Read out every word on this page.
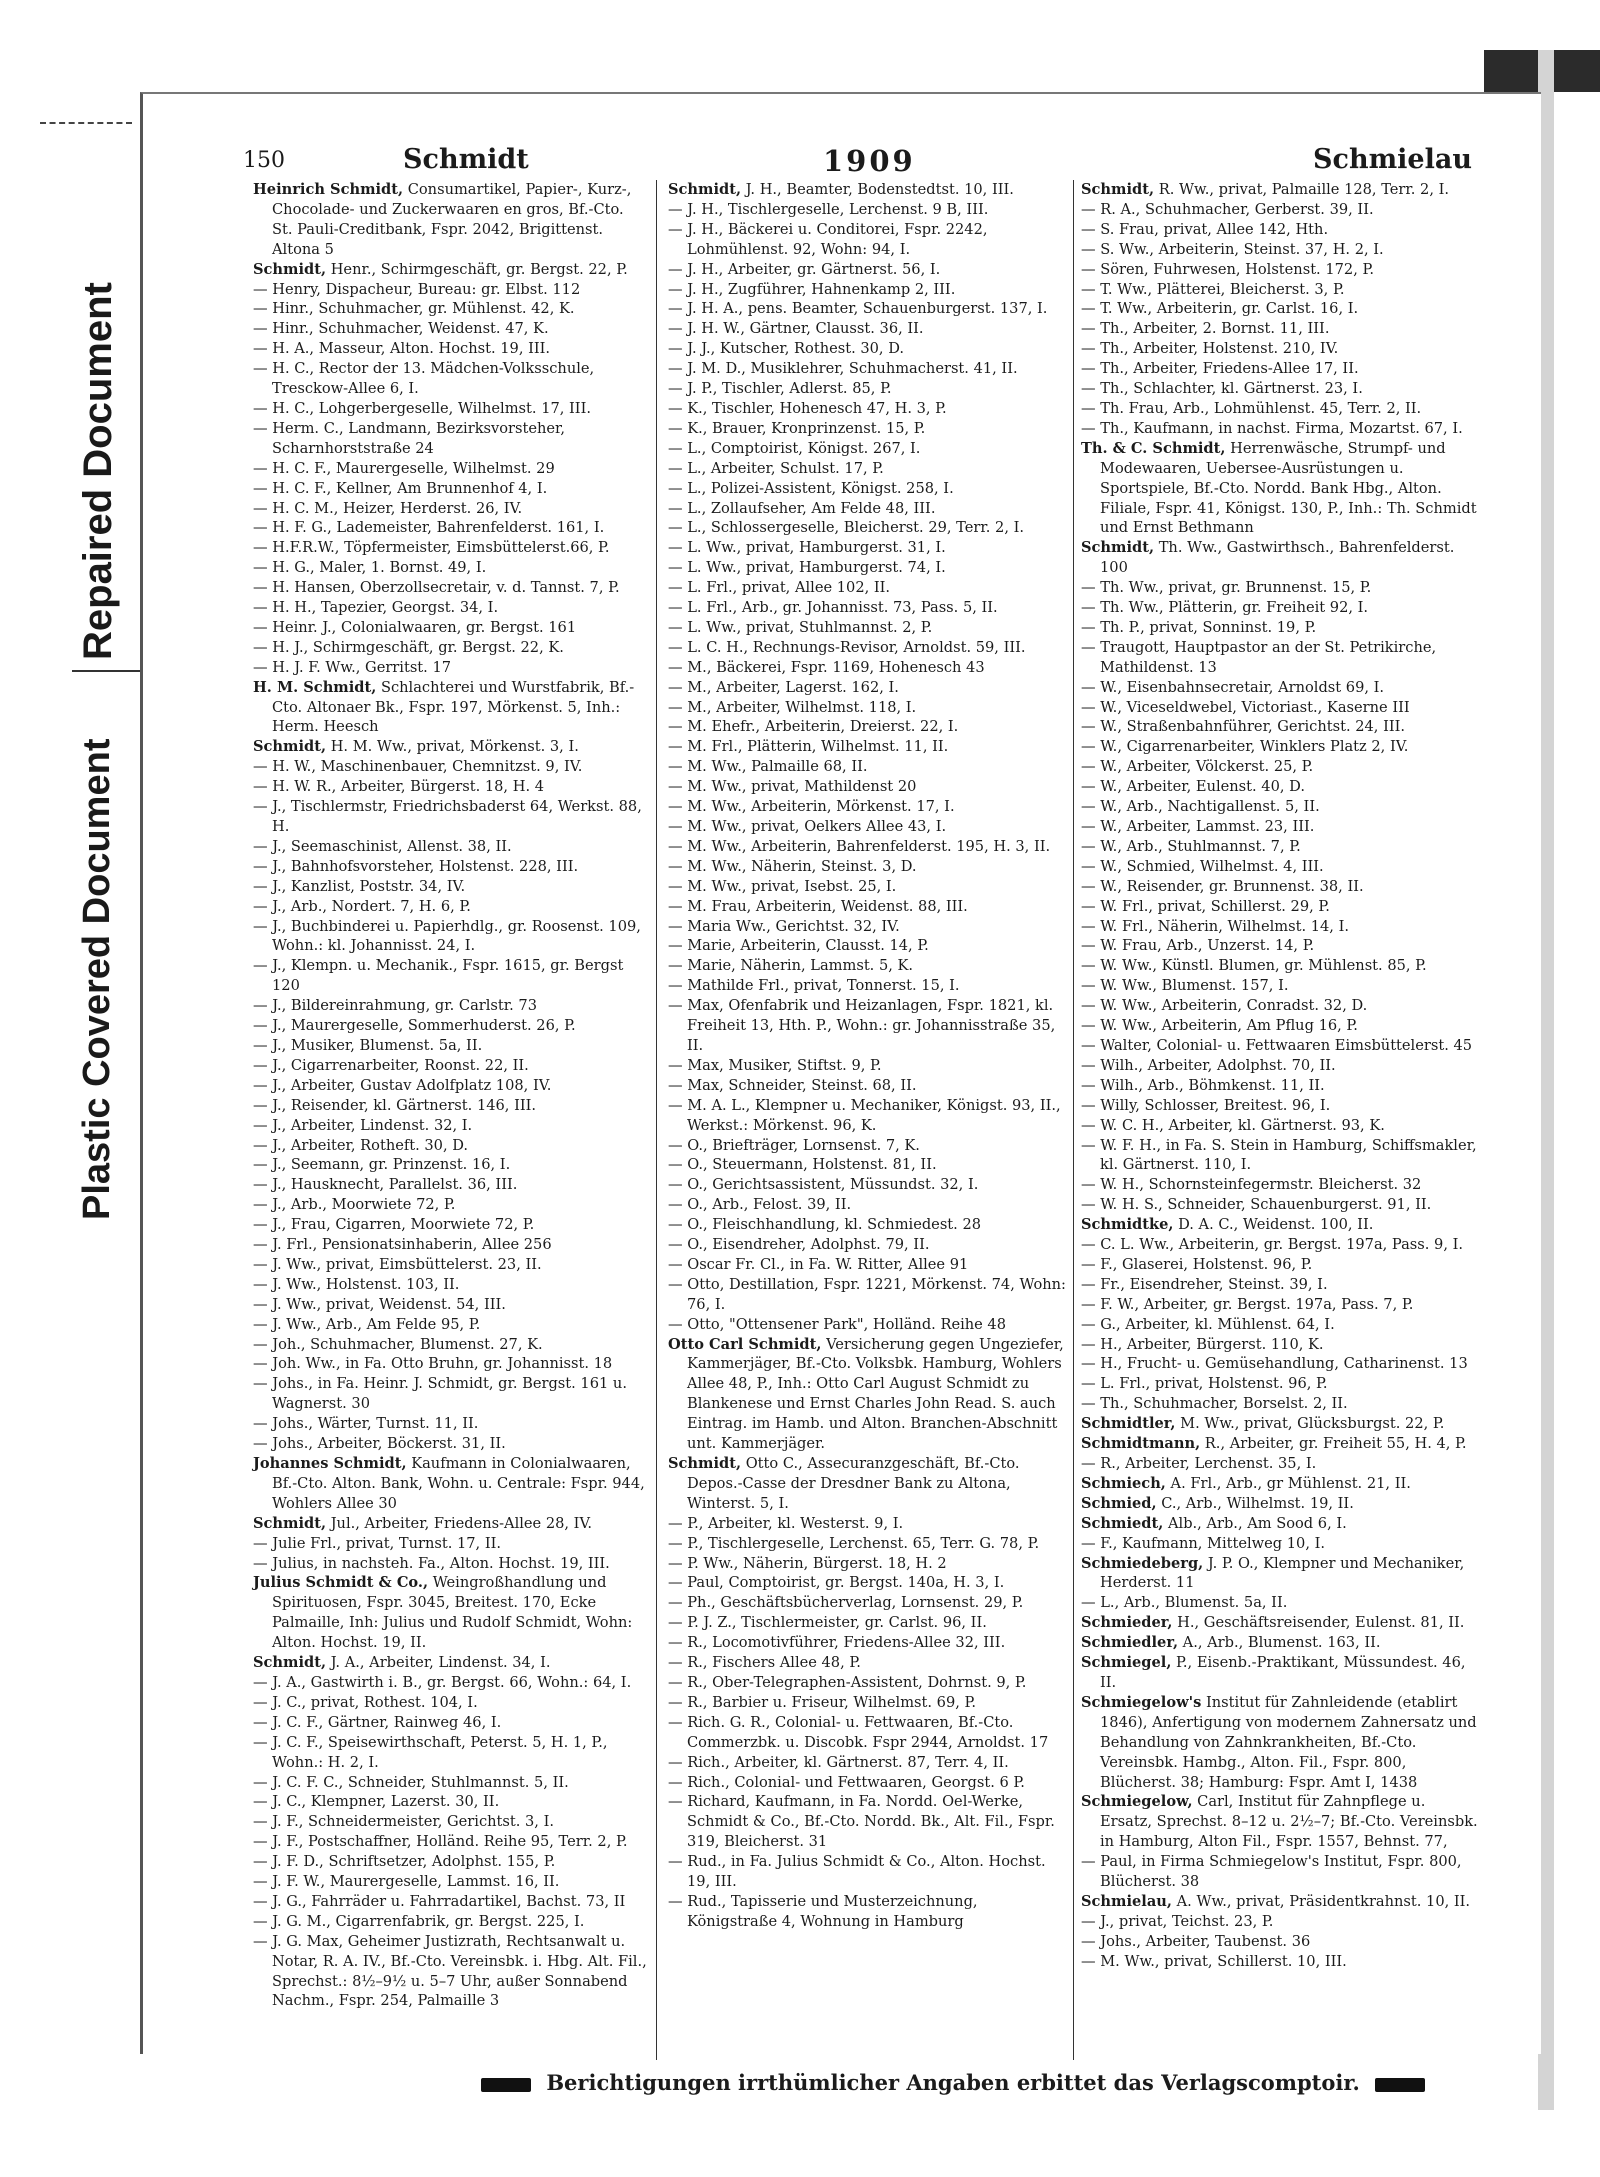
Repaired Document
Plastic Covered Document
150	Schmidt	1909	Schmielau
Heinrich Schmidt, Consumartikel, Papier-, Kurz-, Chocolade- und Zuckerwaaren en gros, Bf.-Cto. St. Pauli-Creditbank, Fspr. 2042, Brigittenst. Altona 5
Schmidt, Henr., Schirmgeschäft, gr. Bergst. 22, P.
— Henry, Dispacheur, Bureau: gr. Elbst. 112
— Hinr., Schuhmacher, gr. Mühlenst. 42, K.
— Hinr., Schuhmacher, Weidenst. 47, K.
— H. A., Masseur, Alton. Hochst. 19, III.
— H. C., Rector der 13. Mädchen-Volksschule, Tresckow-Allee 6, I.
— H. C., Lohgerbergeselle, Wilhelmst. 17, III.
— Herm. C., Landmann, Bezirksvorsteher, Scharnhorststraße 24
— H. C. F., Maurergeselle, Wilhelmst. 29
— H. C. F., Kellner, Am Brunnenhof 4, I.
— H. C. M., Heizer, Herderst. 26, IV.
— H. F. G., Lademeister, Bahrenfelderst. 161, I.
— H.F.R.W., Töpfermeister, Eimsbüttelerst.66, P.
— H. G., Maler, 1. Bornst. 49, I.
— H. Hansen, Oberzollsecretair, v. d. Tannst. 7, P.
— H. H., Tapezier, Georgst. 34, I.
— Heinr. J., Colonialwaaren, gr. Bergst. 161
— H. J., Schirmgeschäft, gr. Bergst. 22, K.
— H. J. F. Ww., Gerritst. 17
H. M. Schmidt, Schlachterei und Wurstfabrik, Bf.-Cto. Altonaer Bk., Fspr. 197, Mörkenst. 5, Inh.: Herm. Heesch
Schmidt, H. M. Ww., privat, Mörkenst. 3, I.
— H. W., Maschinenbauer, Chemnitzst. 9, IV.
— H. W. R., Arbeiter, Bürgerst. 18, H. 4
— J., Tischlermstr, Friedrichsbaderst 64, Werkst. 88, H.
— J., Seemaschinist, Allenst. 38, II.
— J., Bahnhofsvorsteher, Holstenst. 228, III.
— J., Kanzlist, Poststr. 34, IV.
— J., Arb., Nordert. 7, H. 6, P.
— J., Buchbinderei u. Papierhdlg., gr. Roosenst. 109, Wohn.: kl. Johannisst. 24, I.
— J., Klempn. u. Mechanik., Fspr. 1615, gr. Bergst 120
— J., Bildereinrahmung, gr. Carlstr. 73
— J., Maurergeselle, Sommerhuderst. 26, P.
— J., Musiker, Blumenst. 5a, II.
— J., Cigarrenarbeiter, Roonst. 22, II.
— J., Arbeiter, Gustav Adolfplatz 108, IV.
— J., Reisender, kl. Gärtnerst. 146, III.
— J., Arbeiter, Lindenst. 32, I.
— J., Arbeiter, Rotheft. 30, D.
— J., Seemann, gr. Prinzenst. 16, I.
— J., Hausknecht, Parallelst. 36, III.
— J., Arb., Moorwiete 72, P.
— J., Frau, Cigarren, Moorwiete 72, P.
— J. Frl., Pensionatsinhaberin, Allee 256
— J. Ww., privat, Eimsbüttelerst. 23, II.
— J. Ww., Holstenst. 103, II.
— J. Ww., privat, Weidenst. 54, III.
— J. Ww., Arb., Am Felde 95, P.
— Joh., Schuhmacher, Blumenst. 27, K.
— Joh. Ww., in Fa. Otto Bruhn, gr. Johannisst. 18
— Johs., in Fa. Heinr. J. Schmidt, gr. Bergst. 161 u. Wagnerst. 30
— Johs., Wärter, Turnst. 11, II.
— Johs., Arbeiter, Böckerst. 31, II.
Johannes Schmidt, Kaufmann in Colonialwaaren, Bf.-Cto. Alton. Bank, Wohn. u. Centrale: Fspr. 944, Wohlers Allee 30
Schmidt, Jul., Arbeiter, Friedens-Allee 28, IV.
— Julie Frl., privat, Turnst. 17, II.
— Julius, in nachsteh. Fa., Alton. Hochst. 19, III.
Julius Schmidt & Co., Weingroßhandlung und Spirituosen, Fspr. 3045, Breitest. 170, Ecke Palmaille, Inh: Julius und Rudolf Schmidt, Wohn: Alton. Hochst. 19, II.
Schmidt, J. A., Arbeiter, Lindenst. 34, I.
— J. A., Gastwirth i. B., gr. Bergst. 66, Wohn.: 64, I.
— J. C., privat, Rothest. 104, I.
— J. C. F., Gärtner, Rainweg 46, I.
— J. C. F., Speisewirthschaft, Peterst. 5, H. 1, P., Wohn.: H. 2, I.
— J. C. F. C., Schneider, Stuhlmannst. 5, II.
— J. C., Klempner, Lazerst. 30, II.
— J. F., Schneidermeister, Gerichtst. 3, I.
— J. F., Postschaffner, Holländ. Reihe 95, Terr. 2, P.
— J. F. D., Schriftsetzer, Adolphst. 155, P.
— J. F. W., Maurergeselle, Lammst. 16, II.
— J. G., Fahrräder u. Fahrradartikel, Bachst. 73, II
— J. G. M., Cigarrenfabrik, gr. Bergst. 225, I.
— J. G. Max, Geheimer Justizrath, Rechtsanwalt u. Notar, R. A. IV., Bf.-Cto. Vereinsbk. i. Hbg. Alt. Fil., Sprechst.: 8½–9½ u. 5–7 Uhr, außer Sonnabend Nachm., Fspr. 254, Palmaille 3
Schmidt, J. H., Beamter, Bodenstedtst. 10, III.
— J. H., Tischlergeselle, Lerchenst. 9 B, III.
— J. H., Bäckerei u. Conditorei, Fspr. 2242, Lohmühlenst. 92, Wohn: 94, I.
— J. H., Arbeiter, gr. Gärtnerst. 56, I.
— J. H., Zugführer, Hahnenkamp 2, III.
— J. H. A., pens. Beamter, Schauenburgerst. 137, I.
— J. H. W., Gärtner, Clausst. 36, II.
— J. J., Kutscher, Rothest. 30, D.
— J. M. D., Musiklehrer, Schuhmacherst. 41, II.
— J. P., Tischler, Adlerst. 85, P.
— K., Tischler, Hohenesch 47, H. 3, P.
— K., Brauer, Kronprinzenst. 15, P.
— L., Comptoirist, Königst. 267, I.
— L., Arbeiter, Schulst. 17, P.
— L., Polizei-Assistent, Königst. 258, I.
— L., Zollaufseher, Am Felde 48, III.
— L., Schlossergeselle, Bleicherst. 29, Terr. 2, I.
— L. Ww., privat, Hamburgerst. 31, I.
— L. Ww., privat, Hamburgerst. 74, I.
— L. Frl., privat, Allee 102, II.
— L. Frl., Arb., gr. Johannisst. 73, Pass. 5, II.
— L. Ww., privat, Stuhlmannst. 2, P.
— L. C. H., Rechnungs-Revisor, Arnoldst. 59, III.
— M., Bäckerei, Fspr. 1169, Hohenesch 43
— M., Arbeiter, Lagerst. 162, I.
— M., Arbeiter, Wilhelmst. 118, I.
— M. Ehefr., Arbeiterin, Dreierst. 22, I.
— M. Frl., Plätterin, Wilhelmst. 11, II.
— M. Ww., Palmaille 68, II.
— M. Ww., privat, Mathildenst 20
— M. Ww., Arbeiterin, Mörkenst. 17, I.
— M. Ww., privat, Oelkers Allee 43, I.
— M. Ww., Arbeiterin, Bahrenfelderst. 195, H. 3, II.
— M. Ww., Näherin, Steinst. 3, D.
— M. Ww., privat, Isebst. 25, I.
— M. Frau, Arbeiterin, Weidenst. 88, III.
— Maria Ww., Gerichtst. 32, IV.
— Marie, Arbeiterin, Clausst. 14, P.
— Marie, Näherin, Lammst. 5, K.
— Mathilde Frl., privat, Tonnerst. 15, I.
— Max, Ofenfabrik und Heizanlagen, Fspr. 1821, kl. Freiheit 13, Hth. P., Wohn.: gr. Johannisstraße 35, II.
— Max, Musiker, Stiftst. 9, P.
— Max, Schneider, Steinst. 68, II.
— M. A. L., Klempner u. Mechaniker, Königst. 93, II., Werkst.: Mörkenst. 96, K.
— O., Briefträger, Lornsenst. 7, K.
— O., Steuermann, Holstenst. 81, II.
— O., Gerichtsassistent, Müssundst. 32, I.
— O., Arb., Felost. 39, II.
— O., Fleischhandlung, kl. Schmiedest. 28
— O., Eisendreher, Adolphst. 79, II.
— Oscar Fr. Cl., in Fa. W. Ritter, Allee 91
— Otto, Destillation, Fspr. 1221, Mörkenst. 74, Wohn: 76, I.
— Otto, "Ottensener Park", Holländ. Reihe 48
Otto Carl Schmidt, Versicherung gegen Ungeziefer, Kammerjäger, Bf.-Cto. Volksbk. Hamburg, Wohlers Allee 48, P., Inh.: Otto Carl August Schmidt zu Blankenese und Ernst Charles John Read. S. auch Eintrag. im Hamb. und Alton. Branchen-Abschnitt unt. Kammerjäger.
Schmidt, Otto C., Assecuranzgeschäft, Bf.-Cto. Depos.-Casse der Dresdner Bank zu Altona, Winterst. 5, I.
— P., Arbeiter, kl. Westerst. 9, I.
— P., Tischlergeselle, Lerchenst. 65, Terr. G. 78, P.
— P. Ww., Näherin, Bürgerst. 18, H. 2
— Paul, Comptoirist, gr. Bergst. 140a, H. 3, I.
— Ph., Geschäftsbücherverlag, Lornsenst. 29, P.
— P. J. Z., Tischlermeister, gr. Carlst. 96, II.
— R., Locomotivführer, Friedens-Allee 32, III.
— R., Fischers Allee 48, P.
— R., Ober-Telegraphen-Assistent, Dohrnst. 9, P.
— R., Barbier u. Friseur, Wilhelmst. 69, P.
— Rich. G. R., Colonial- u. Fettwaaren, Bf.-Cto. Commerzbk. u. Discobk. Fspr 2944, Arnoldst. 17
— Rich., Arbeiter, kl. Gärtnerst. 87, Terr. 4, II.
— Rich., Colonial- und Fettwaaren, Georgst. 6 P.
— Richard, Kaufmann, in Fa. Nordd. Oel-Werke, Schmidt & Co., Bf.-Cto. Nordd. Bk., Alt. Fil., Fspr. 319, Bleicherst. 31
— Rud., in Fa. Julius Schmidt & Co., Alton. Hochst. 19, III.
— Rud., Tapisserie und Musterzeichnung, Königstraße 4, Wohnung in Hamburg
Schmidt, R. Ww., privat, Palmaille 128, Terr. 2, I.
— R. A., Schuhmacher, Gerberst. 39, II.
— S. Frau, privat, Allee 142, Hth.
— S. Ww., Arbeiterin, Steinst. 37, H. 2, I.
— Sören, Fuhrwesen, Holstenst. 172, P.
— T. Ww., Plätterei, Bleicherst. 3, P.
— T. Ww., Arbeiterin, gr. Carlst. 16, I.
— Th., Arbeiter, 2. Bornst. 11, III.
— Th., Arbeiter, Holstenst. 210, IV.
— Th., Arbeiter, Friedens-Allee 17, II.
— Th., Schlachter, kl. Gärtnerst. 23, I.
— Th. Frau, Arb., Lohmühlenst. 45, Terr. 2, II.
— Th., Kaufmann, in nachst. Firma, Mozartst. 67, I.
Th. & C. Schmidt, Herrenwäsche, Strumpf- und Modewaaren, Uebersee-Ausrüstungen u. Sportspiele, Bf.-Cto. Nordd. Bank Hbg., Alton. Filiale, Fspr. 41, Königst. 130, P., Inh.: Th. Schmidt und Ernst Bethmann
Schmidt, Th. Ww., Gastwirthsch., Bahrenfelderst. 100
— Th. Ww., privat, gr. Brunnenst. 15, P.
— Th. Ww., Plätterin, gr. Freiheit 92, I.
— Th. P., privat, Sonninst. 19, P.
— Traugott, Hauptpastor an der St. Petrikirche, Mathildenst. 13
— W., Eisenbahnsecretair, Arnoldst 69, I.
— W., Viceseldwebel, Victoriast., Kaserne III
— W., Straßenbahnführer, Gerichtst. 24, III.
— W., Cigarrenarbeiter, Winklers Platz 2, IV.
— W., Arbeiter, Völckerst. 25, P.
— W., Arbeiter, Eulenst. 40, D.
— W., Arb., Nachtigallenst. 5, II.
— W., Arbeiter, Lammst. 23, III.
— W., Arb., Stuhlmannst. 7, P.
— W., Schmied, Wilhelmst. 4, III.
— W., Reisender, gr. Brunnenst. 38, II.
— W. Frl., privat, Schillerst. 29, P.
— W. Frl., Näherin, Wilhelmst. 14, I.
— W. Frau, Arb., Unzerst. 14, P.
— W. Ww., Künstl. Blumen, gr. Mühlenst. 85, P.
— W. Ww., Blumenst. 157, I.
— W. Ww., Arbeiterin, Conradst. 32, D.
— W. Ww., Arbeiterin, Am Pflug 16, P.
— Walter, Colonial- u. Fettwaaren Eimsbüttelerst. 45
— Wilh., Arbeiter, Adolphst. 70, II.
— Wilh., Arb., Böhmkenst. 11, II.
— Willy, Schlosser, Breitest. 96, I.
— W. C. H., Arbeiter, kl. Gärtnerst. 93, K.
— W. F. H., in Fa. S. Stein in Hamburg, Schiffsmakler, kl. Gärtnerst. 110, I.
— W. H., Schornsteinfegermstr. Bleicherst. 32
— W. H. S., Schneider, Schauenburgerst. 91, II.
Schmidtke, D. A. C., Weidenst. 100, II.
— C. L. Ww., Arbeiterin, gr. Bergst. 197a, Pass. 9, I.
— F., Glaserei, Holstenst. 96, P.
— Fr., Eisendreher, Steinst. 39, I.
— F. W., Arbeiter, gr. Bergst. 197a, Pass. 7, P.
— G., Arbeiter, kl. Mühlenst. 64, I.
— H., Arbeiter, Bürgerst. 110, K.
— H., Frucht- u. Gemüsehandlung, Catharinenst. 13
— L. Frl., privat, Holstenst. 96, P.
— Th., Schuhmacher, Borselst. 2, II.
Schmidtler, M. Ww., privat, Glücksburgst. 22, P.
Schmidtmann, R., Arbeiter, gr. Freiheit 55, H. 4, P.
— R., Arbeiter, Lerchenst. 35, I.
Schmiech, A. Frl., Arb., gr Mühlenst. 21, II.
Schmied, C., Arb., Wilhelmst. 19, II.
Schmiedt, Alb., Arb., Am Sood 6, I.
— F., Kaufmann, Mittelweg 10, I.
Schmiedeberg, J. P. O., Klempner und Mechaniker, Herderst. 11
— L., Arb., Blumenst. 5a, II.
Schmieder, H., Geschäftsreisender, Eulenst. 81, II.
Schmiedler, A., Arb., Blumenst. 163, II.
Schmiegel, P., Eisenb.-Praktikant, Müssundest. 46, II.
Schmiegelow's Institut für Zahnleidende (etablirt 1846), Anfertigung von modernem Zahnersatz und Behandlung von Zahnkrankheiten, Bf.-Cto. Vereinsbk. Hambg., Alton. Fil., Fspr. 800, Blücherst. 38; Hamburg: Fspr. Amt I, 1438
Schmiegelow, Carl, Institut für Zahnpflege u. Ersatz, Sprechst. 8–12 u. 2½–7; Bf.-Cto. Vereinsbk. in Hamburg, Alton Fil., Fspr. 1557, Behnst. 77,
— Paul, in Firma Schmiegelow's Institut, Fspr. 800, Blücherst. 38
Schmielau, A. Ww., privat, Präsidentkrahnst. 10, II.
— J., privat, Teichst. 23, P.
— Johs., Arbeiter, Taubenst. 36
— M. Ww., privat, Schillerst. 10, III.
Berichtigungen irrthümlicher Angaben erbittet das Verlagscomptoir.
